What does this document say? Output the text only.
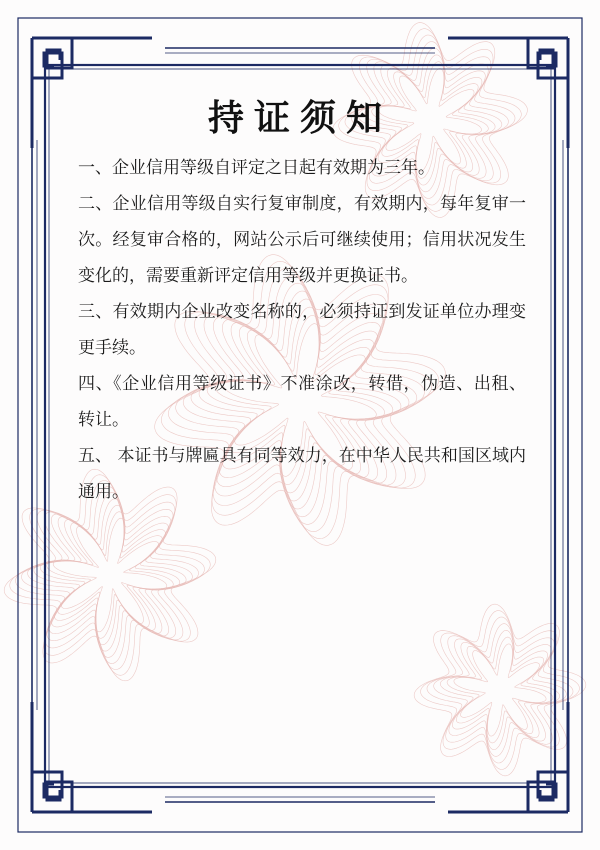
持证须知

一、企业信用等级自评定之日起有效期为三年。

二、企业信用等级自实行复审制度，有效期内，每年复审一次。经复审合格的，网站公示后可继续使用；信用状况发生变化的，需要重新评定信用等级并更换证书。

三、有效期内企业改变名称的，必须持证到发证单位办理变更手续。

四、《企业信用等级证书》不准涂改，转借，伪造、出租、转让。

五、 本证书与牌匾具有同等效力，在中华人民共和国区域内通用。
